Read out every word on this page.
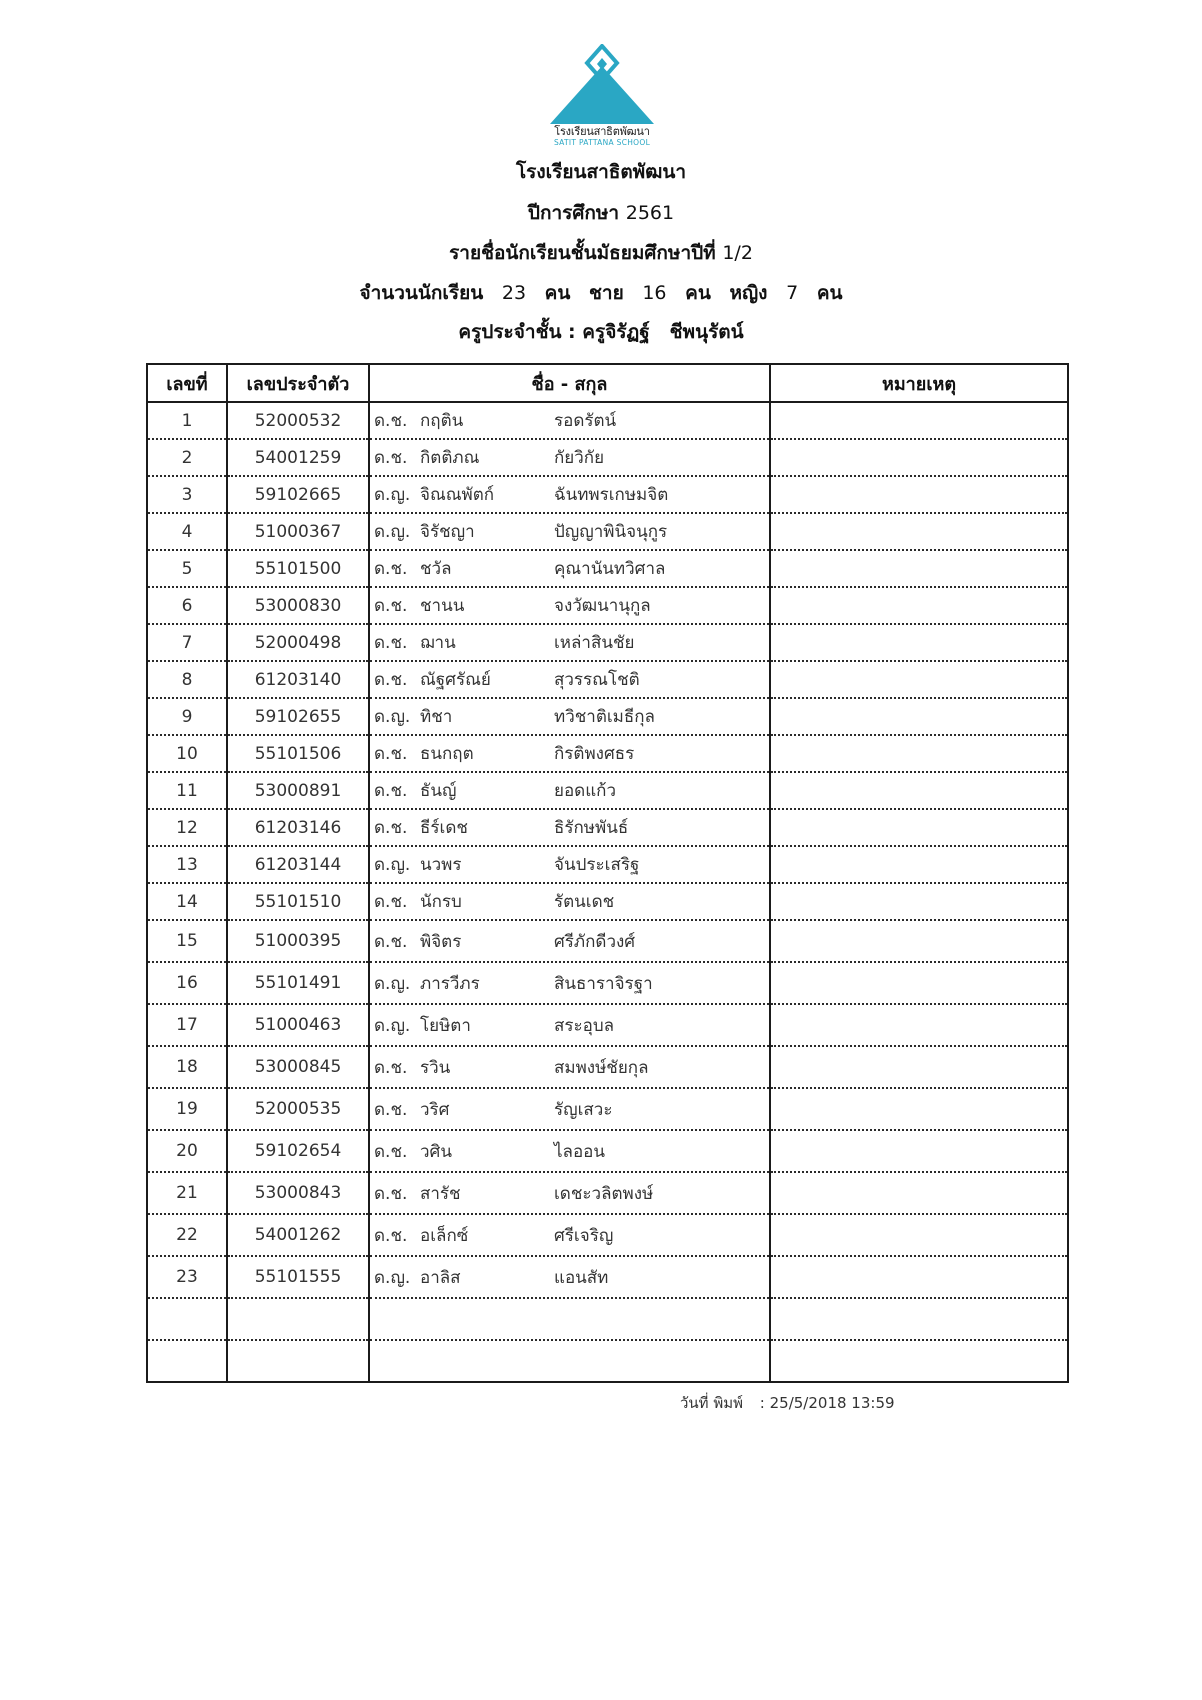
โรงเรียนสาธิตพัฒนา
SATIT PATTANA SCHOOL
โรงเรียนสาธิตพัฒนา
ปีการศึกษา 2561
รายชื่อนักเรียนชั้นมัธยมศึกษาปีที่ 1/2
จำนวนนักเรียน 23 คน ชาย 16 คน หญิง 7 คน
ครูประจำชั้น : ครูจิรัฏฐ์ ชีพนุรัตน์
เลขที่	เลขประจำตัว	ชื่อ - สกุล	หมายเหตุ
1	52000532	ด.ช. กฤติน รอดรัตน์	
2	54001259	ด.ช. กิตติภณ กัยวิกัย	
3	59102665	ด.ญ. จิณณพัตก์ ฉันทพรเกษมจิต	
4	51000367	ด.ญ. จิรัชญา ปัญญาพินิจนุกูร	
5	55101500	ด.ช. ชวัล คุณานันทวิศาล	
6	53000830	ด.ช. ชานน จงวัฒนานุกูล	
7	52000498	ด.ช. ฌาน เหล่าสินชัย	
8	61203140	ด.ช. ณัฐศรัณย์ สุวรรณโชติ	
9	59102655	ด.ญ. ทิชา ทวิชาติเมธีกุล	
10	55101506	ด.ช. ธนกฤต กิรติพงศธร	
11	53000891	ด.ช. ธันญ์ ยอดแก้ว	
12	61203146	ด.ช. ธีร์เดช ธิรักษพันธ์	
13	61203144	ด.ญ. นวพร จันประเสริฐ	
14	55101510	ด.ช. นักรบ รัตนเดช	
15	51000395	ด.ช. พิจิตร ศรีภักดีวงศ์	
16	55101491	ด.ญ. ภารวีภร สินธาราจิรฐา	
17	51000463	ด.ญ. โยษิตา สระอุบล	
18	53000845	ด.ช. รวิน สมพงษ์ชัยกุล	
19	52000535	ด.ช. วริศ รัญเสวะ	
20	59102654	ด.ช. วศิน ไลออน	
21	53000843	ด.ช. สารัช เดชะวลิตพงษ์	
22	54001262	ด.ช. อเล็กซ์ ศรีเจริญ	
23	55101555	ด.ญ. อาลิส แอนสัท	

วันที่ พิมพ์ : 25/5/2018 13:59
